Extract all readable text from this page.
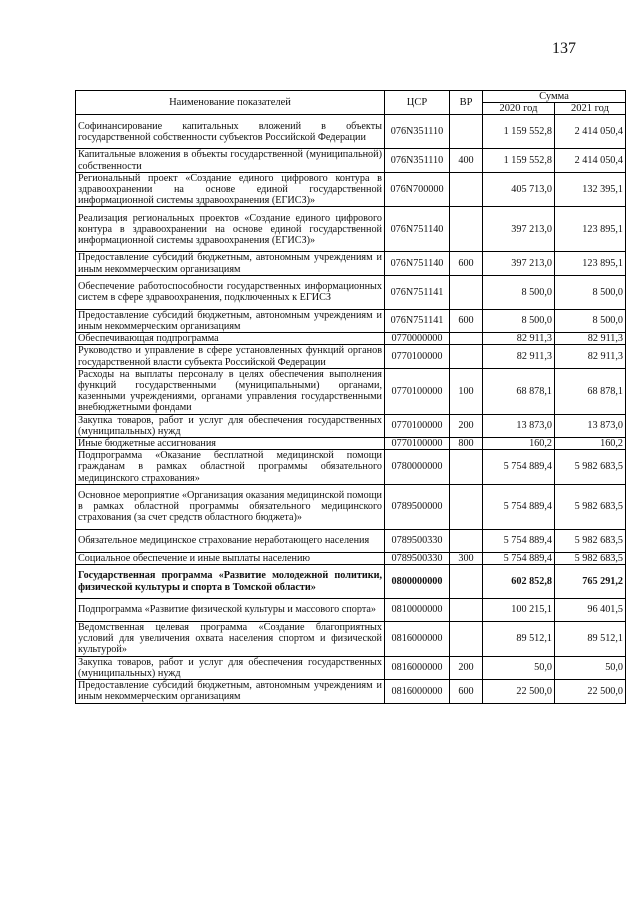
137
Наименование показателей	ЦСР	ВР	Сумма	
			2020 год	2021 год
Софинансирование капитальных вложений в объекты государственной собственности субъектов Российской Федерации	076N351110		1 159 552,8	2 414 050,4
Капитальные вложения в объекты государственной (муниципальной) собственности	076N351110	400	1 159 552,8	2 414 050,4
Региональный проект «Создание единого цифрового контура в здравоохранении на основе единой государственной информационной системы здравоохранения (ЕГИСЗ)»	076N700000		405 713,0	132 395,1
Реализация региональных проектов «Создание единого цифрового контура в здравоохранении на основе единой государственной информационной системы здравоохранения (ЕГИСЗ)»	076N751140		397 213,0	123 895,1
Предоставление субсидий бюджетным, автономным учреждениям и иным некоммерческим организациям	076N751140	600	397 213,0	123 895,1
Обеспечение работоспособности государственных информационных систем в сфере здравоохранения, подключенных к ЕГИСЗ	076N751141		8 500,0	8 500,0
Предоставление субсидий бюджетным, автономным учреждениям и иным некоммерческим организациям	076N751141	600	8 500,0	8 500,0
Обеспечивающая подпрограмма	0770000000		82 911,3	82 911,3
Руководство и управление в сфере установленных функций органов государственной власти субъекта Российской Федерации	0770100000		82 911,3	82 911,3
Расходы на выплаты персоналу в целях обеспечения выполнения функций государственными (муниципальными) органами, казенными учреждениями, органами управления государственными внебюджетными фондами	0770100000	100	68 878,1	68 878,1
Закупка товаров, работ и услуг для обеспечения государственных (муниципальных) нужд	0770100000	200	13 873,0	13 873,0
Иные бюджетные ассигнования	0770100000	800	160,2	160,2
Подпрограмма «Оказание бесплатной медицинской помощи гражданам в рамках областной программы обязательного медицинского страхования»	0780000000		5 754 889,4	5 982 683,5
Основное мероприятие «Организация оказания медицинской помощи в рамках областной программы обязательного медицинского страхования (за счет средств областного бюджета)»	0789500000		5 754 889,4	5 982 683,5
Обязательное медицинское страхование неработающего населения	0789500330		5 754 889,4	5 982 683,5
Социальное обеспечение и иные выплаты населению	0789500330	300	5 754 889,4	5 982 683,5
Государственная программа «Развитие молодежной политики, физической культуры и спорта в Томской области»	0800000000		602 852,8	765 291,2
Подпрограмма «Развитие физической культуры и массового спорта»	0810000000		100 215,1	96 401,5
Ведомственная целевая программа «Создание благоприятных условий для увеличения охвата населения спортом и физической культурой»	0816000000		89 512,1	89 512,1
Закупка товаров, работ и услуг для обеспечения государственных (муниципальных) нужд	0816000000	200	50,0	50,0
Предоставление субсидий бюджетным, автономным учреждениям и иным некоммерческим организациям	0816000000	600	22 500,0	22 500,0
